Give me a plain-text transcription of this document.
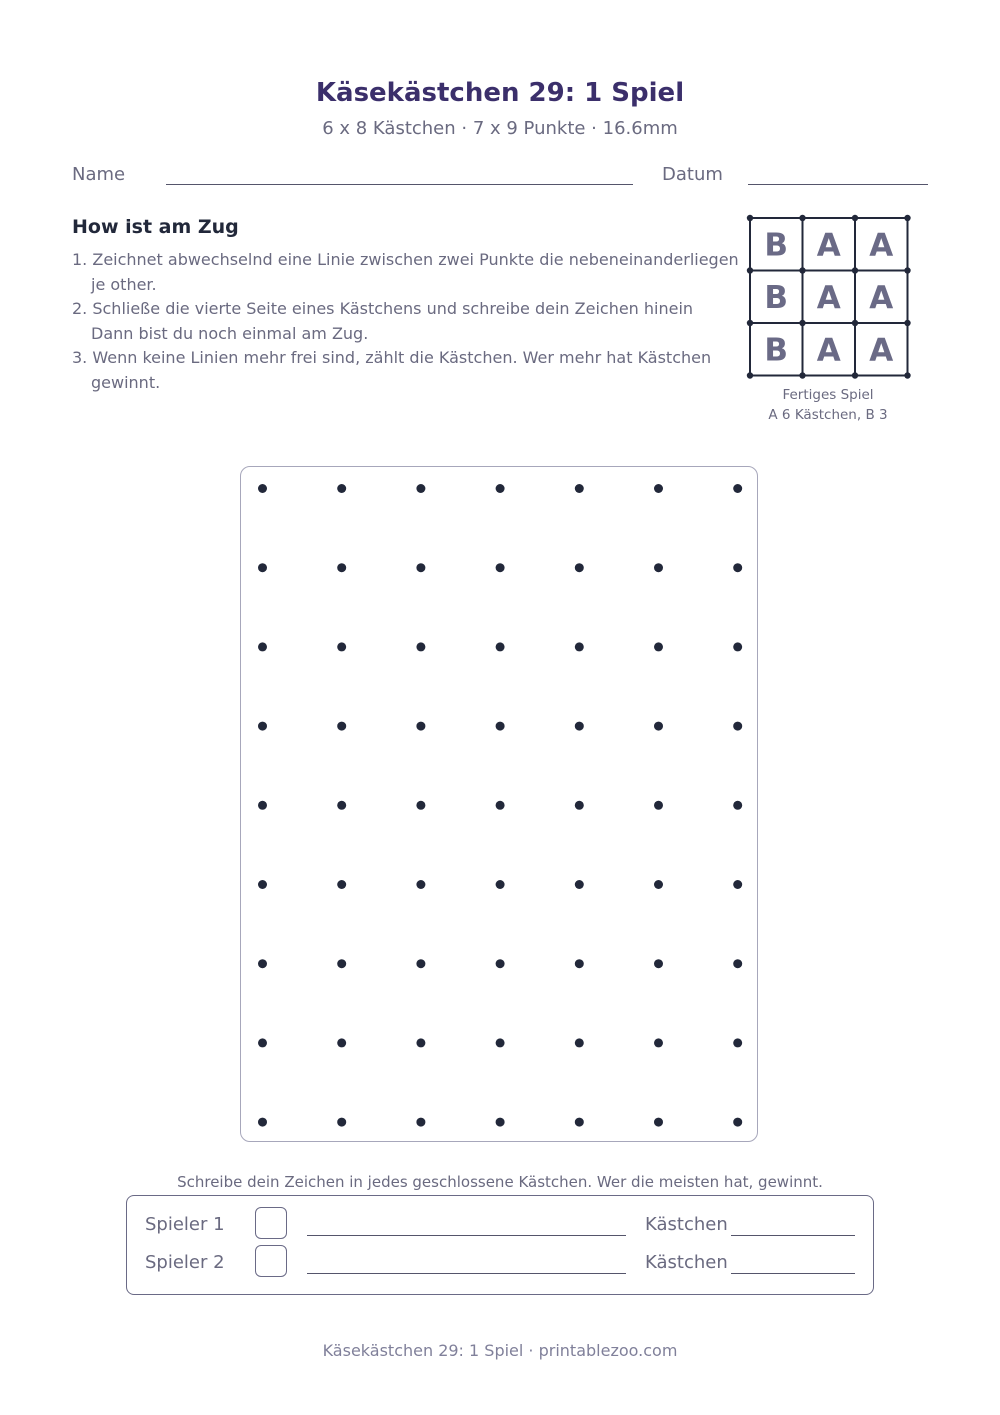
Käsekästchen 29: 1 Spiel
6 x 8 Kästchen · 7 x 9 Punkte · 16.6mm
Name	Datum
How ist am Zug
1. Zeichnet abwechselnd eine Linie zwischen zwei Punkte die nebeneinanderliegen
je other.
2. Schließe die vierte Seite eines Kästchens und schreibe dein Zeichen hinein
Dann bist du noch einmal am Zug.
3. Wenn keine Linien mehr frei sind, zählt die Kästchen. Wer mehr hat Kästchen
gewinnt.
B A A
B A A
B A A
Fertiges Spiel
A 6 Kästchen, B 3
Schreibe dein Zeichen in jedes geschlossene Kästchen. Wer die meisten hat, gewinnt.
Spieler 1	Kästchen
Spieler 2	Kästchen
Käsekästchen 29: 1 Spiel · printablezoo.com
